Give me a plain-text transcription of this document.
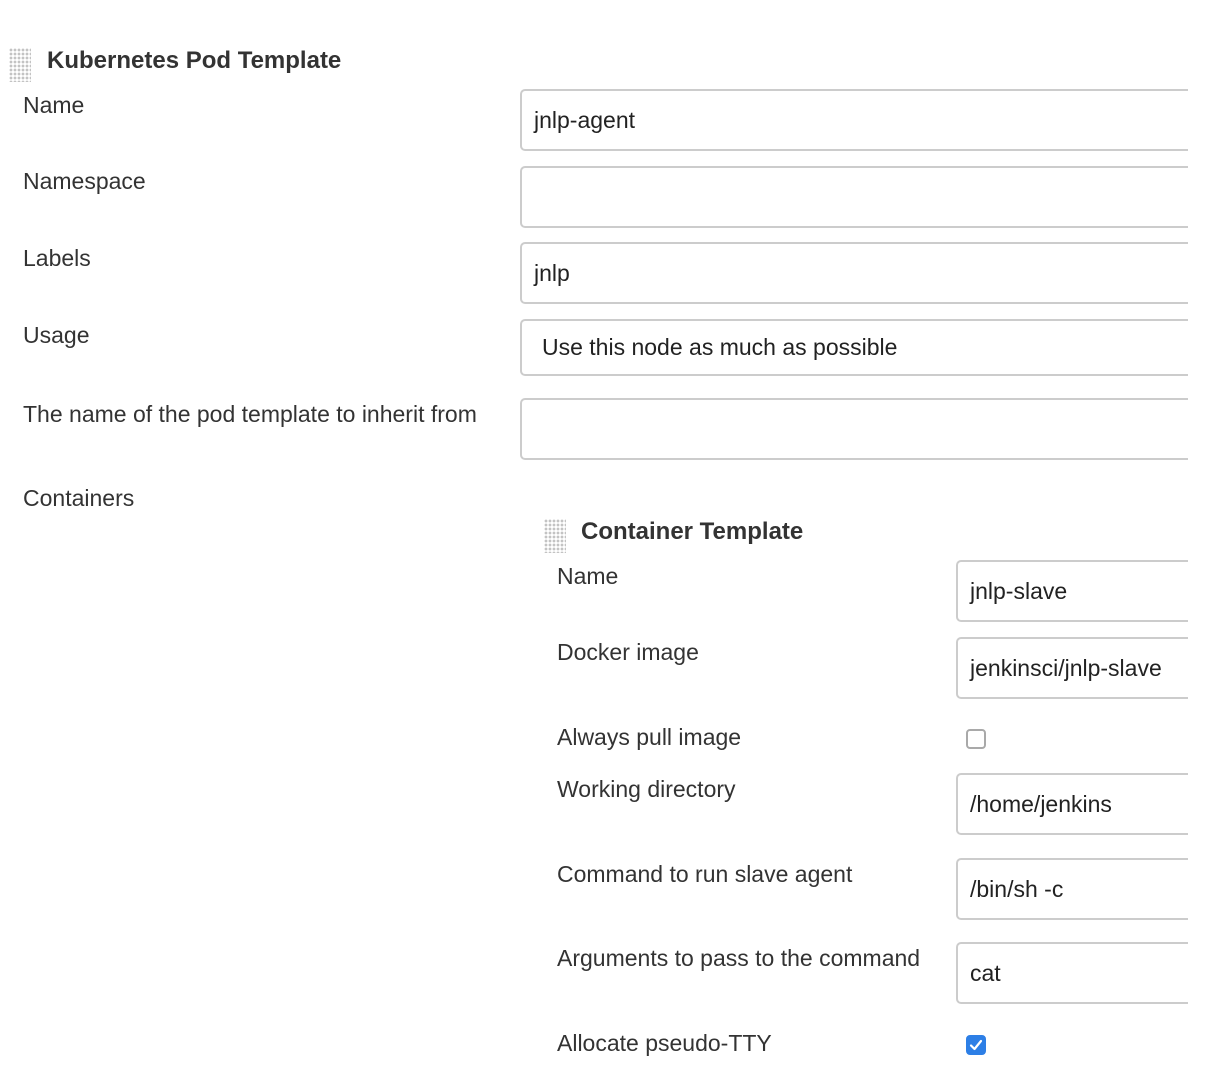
Kubernetes Pod Template
Name
jnlp-agent
Namespace
Labels
jnlp
Usage	Use this node as much as possible
The name of the pod template to inherit from
Containers
Container Template
Name
jnlp-slave
Docker image
jenkinsci/jnlp-slave
Always pull image
Working directory
/home/jenkins
Command to run slave agent
/bin/sh -c
Arguments to pass to the command
cat
Allocate pseudo-TTY
